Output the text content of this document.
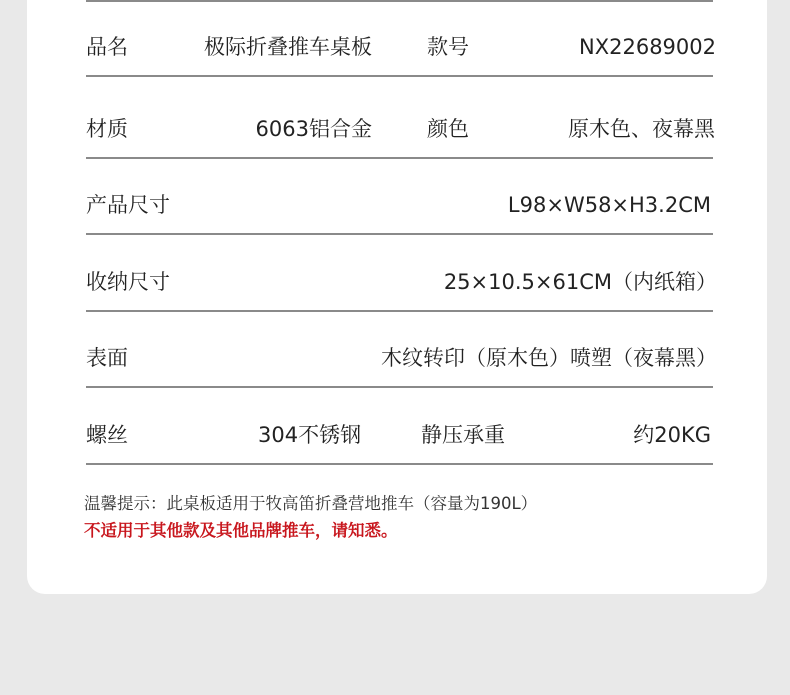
品名	极际折叠推车桌板	款号	NX22689002
材质	6063铝合金	颜色	原木色、夜幕黑
产品尺寸	L98×W58×H3.2CM
收纳尺寸	25×10.5×61CM（内纸箱）
表面	木纹转印（原木色）喷塑（夜幕黑）
螺丝	304不锈钢	静压承重	约20KG
温馨提示：此桌板适用于牧高笛折叠营地推车（容量为190L）
不适用于其他款及其他品牌推车，请知悉。
